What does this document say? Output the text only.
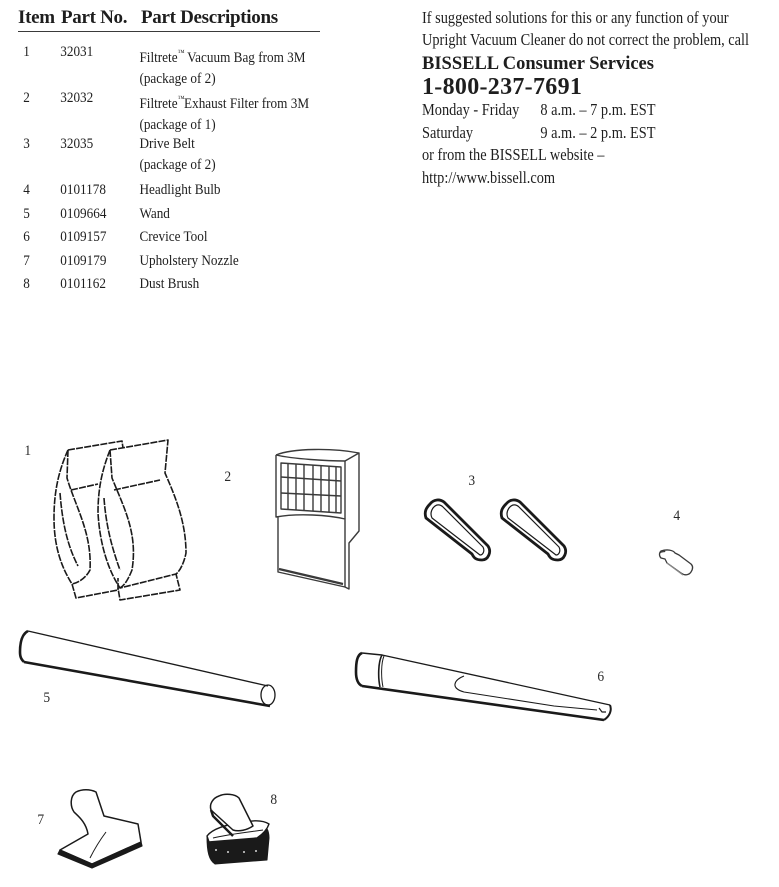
Item Part No. Part Descriptions
1 32031	Filtrete™ Vacuum Bag from 3M
(package of 2)
2 32032	Filtrete™Exhaust Filter from 3M
(package of 1)
3 32035	Drive Belt
(package of 2)
4 0101178 Headlight Bulb
5 0109664 Wand
6 0109157 Crevice Tool
7 0109179 Upholstery Nozzle
8 0101162 Dust Brush
If suggested solutions for this or any function of your
Upright Vacuum Cleaner do not correct the problem, call
BISSELL Consumer Services
1-800-237-7691
Monday - Friday 8 a.m. – 7 p.m. EST
Saturday	9 a.m. – 2 p.m. EST
or from the BISSELL website –
http://www.bissell.com
1
2	3
4
5
6
7
8
